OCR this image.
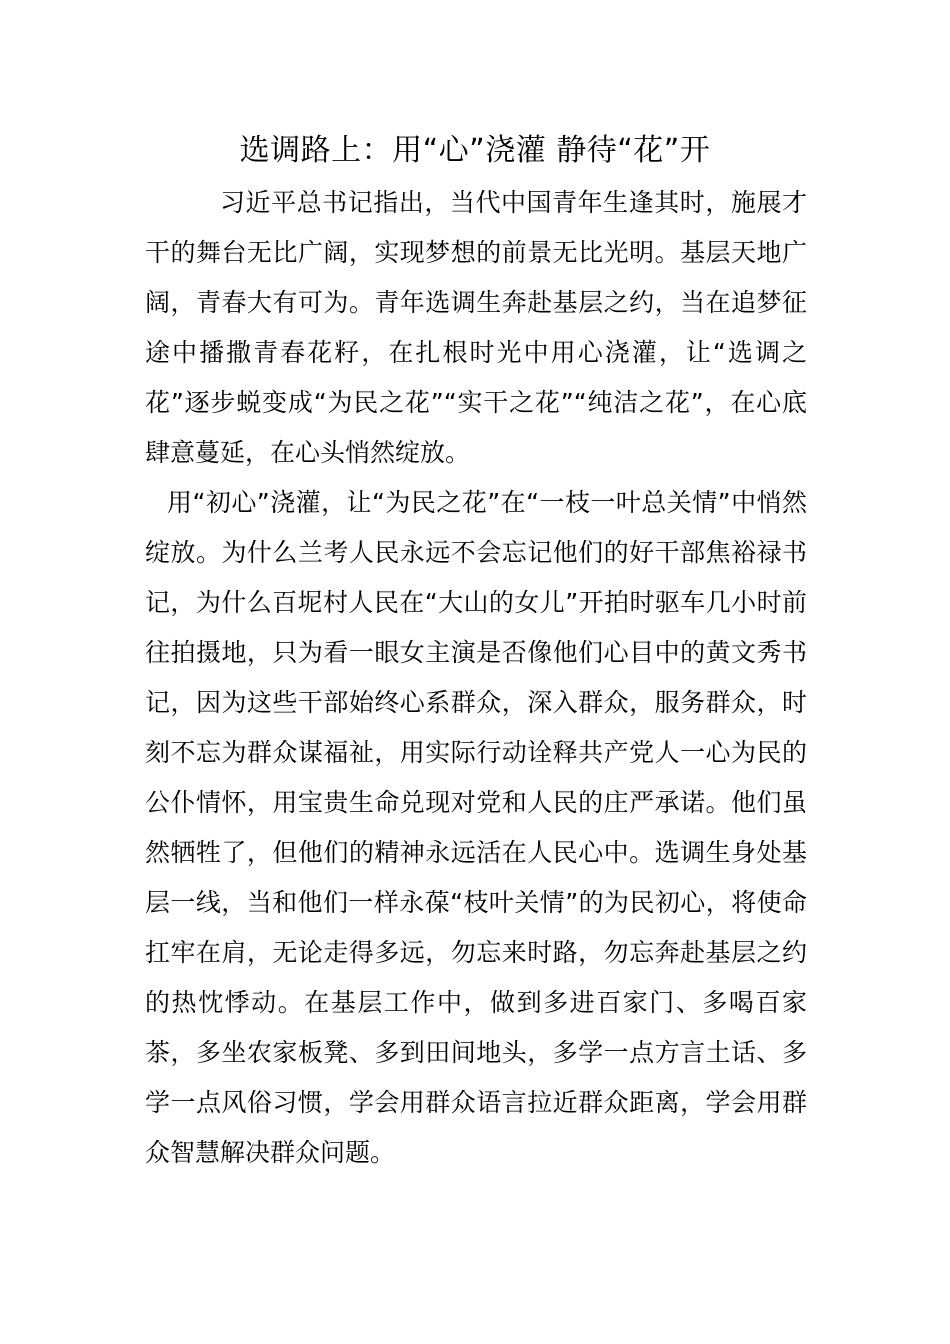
选调路上：用“心”浇灌 静待“花”开

习近平总书记指出，当代中国青年生逢其时，施展才干的舞台无比广阔，实现梦想的前景无比光明。基层天地广阔，青春大有可为。青年选调生奔赴基层之约，当在追梦征途中播撒青春花籽，在扎根时光中用心浇灌，让“选调之花”逐步蜕变成“为民之花”“实干之花”“纯洁之花”，在心底肆意蔓延，在心头悄然绽放。

用“初心”浇灌，让“为民之花”在“一枝一叶总关情”中悄然绽放。为什么兰考人民永远不会忘记他们的好干部焦裕禄书记，为什么百坭村人民在“大山的女儿”开拍时驱车几小时前往拍摄地，只为看一眼女主演是否像他们心目中的黄文秀书记，因为这些干部始终心系群众，深入群众，服务群众，时刻不忘为群众谋福祉，用实际行动诠释共产党人一心为民的公仆情怀，用宝贵生命兑现对党和人民的庄严承诺。他们虽然牺牲了，但他们的精神永远活在人民心中。选调生身处基层一线，当和他们一样永葆“枝叶关情”的为民初心，将使命扛牢在肩，无论走得多远，勿忘来时路，勿忘奔赴基层之约的热忱悸动。在基层工作中，做到多进百家门、多喝百家茶，多坐农家板凳、多到田间地头，多学一点方言土话、多学一点风俗习惯，学会用群众语言拉近群众距离，学会用群众智慧解决群众问题。
